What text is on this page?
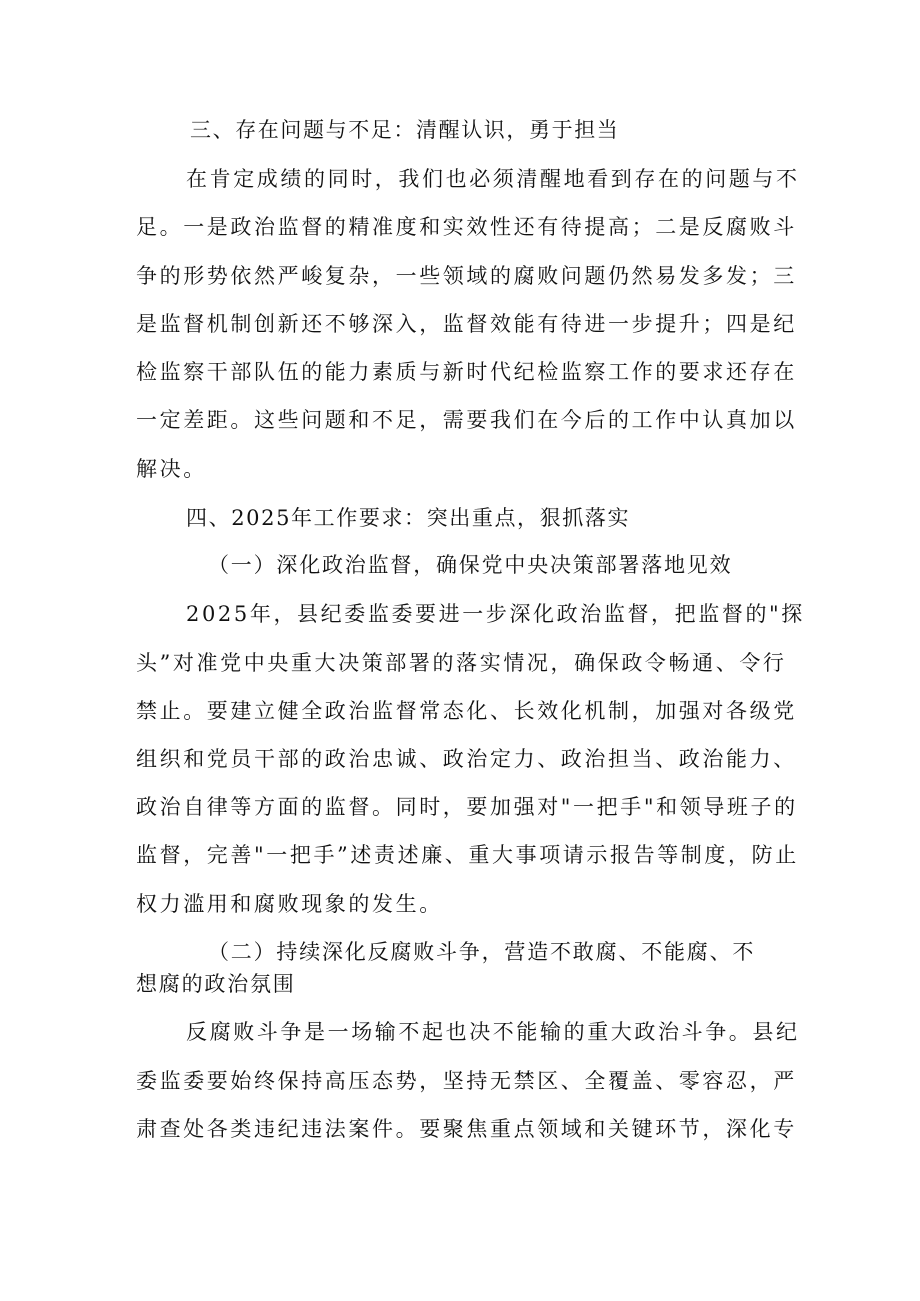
三、存在问题与不足：清醒认识，勇于担当
在肯定成绩的同时，我们也必须清醒地看到存在的问题与不
足。一是政治监督的精准度和实效性还有待提高；二是反腐败斗
争的形势依然严峻复杂，一些领域的腐败问题仍然易发多发；三
是监督机制创新还不够深入，监督效能有待进一步提升；四是纪
检监察干部队伍的能力素质与新时代纪检监察工作的要求还存在
一定差距。这些问题和不足，需要我们在今后的工作中认真加以
解决。
四、2025年工作要求：突出重点，狠抓落实
（一）深化政治监督，确保党中央决策部署落地见效
2025年，县纪委监委要进一步深化政治监督，把监督的"探
头”对准党中央重大决策部署的落实情况，确保政令畅通、令行
禁止。要建立健全政治监督常态化、长效化机制，加强对各级党
组织和党员干部的政治忠诚、政治定力、政治担当、政治能力、
政治自律等方面的监督。同时，要加强对"一把手"和领导班子的
监督，完善"一把手”述责述廉、重大事项请示报告等制度，防止
权力滥用和腐败现象的发生。
（二）持续深化反腐败斗争，营造不敢腐、不能腐、不
想腐的政治氛围
反腐败斗争是一场输不起也决不能输的重大政治斗争。县纪
委监委要始终保持高压态势，坚持无禁区、全覆盖、零容忍，严
肃查处各类违纪违法案件。要聚焦重点领域和关键环节，深化专
